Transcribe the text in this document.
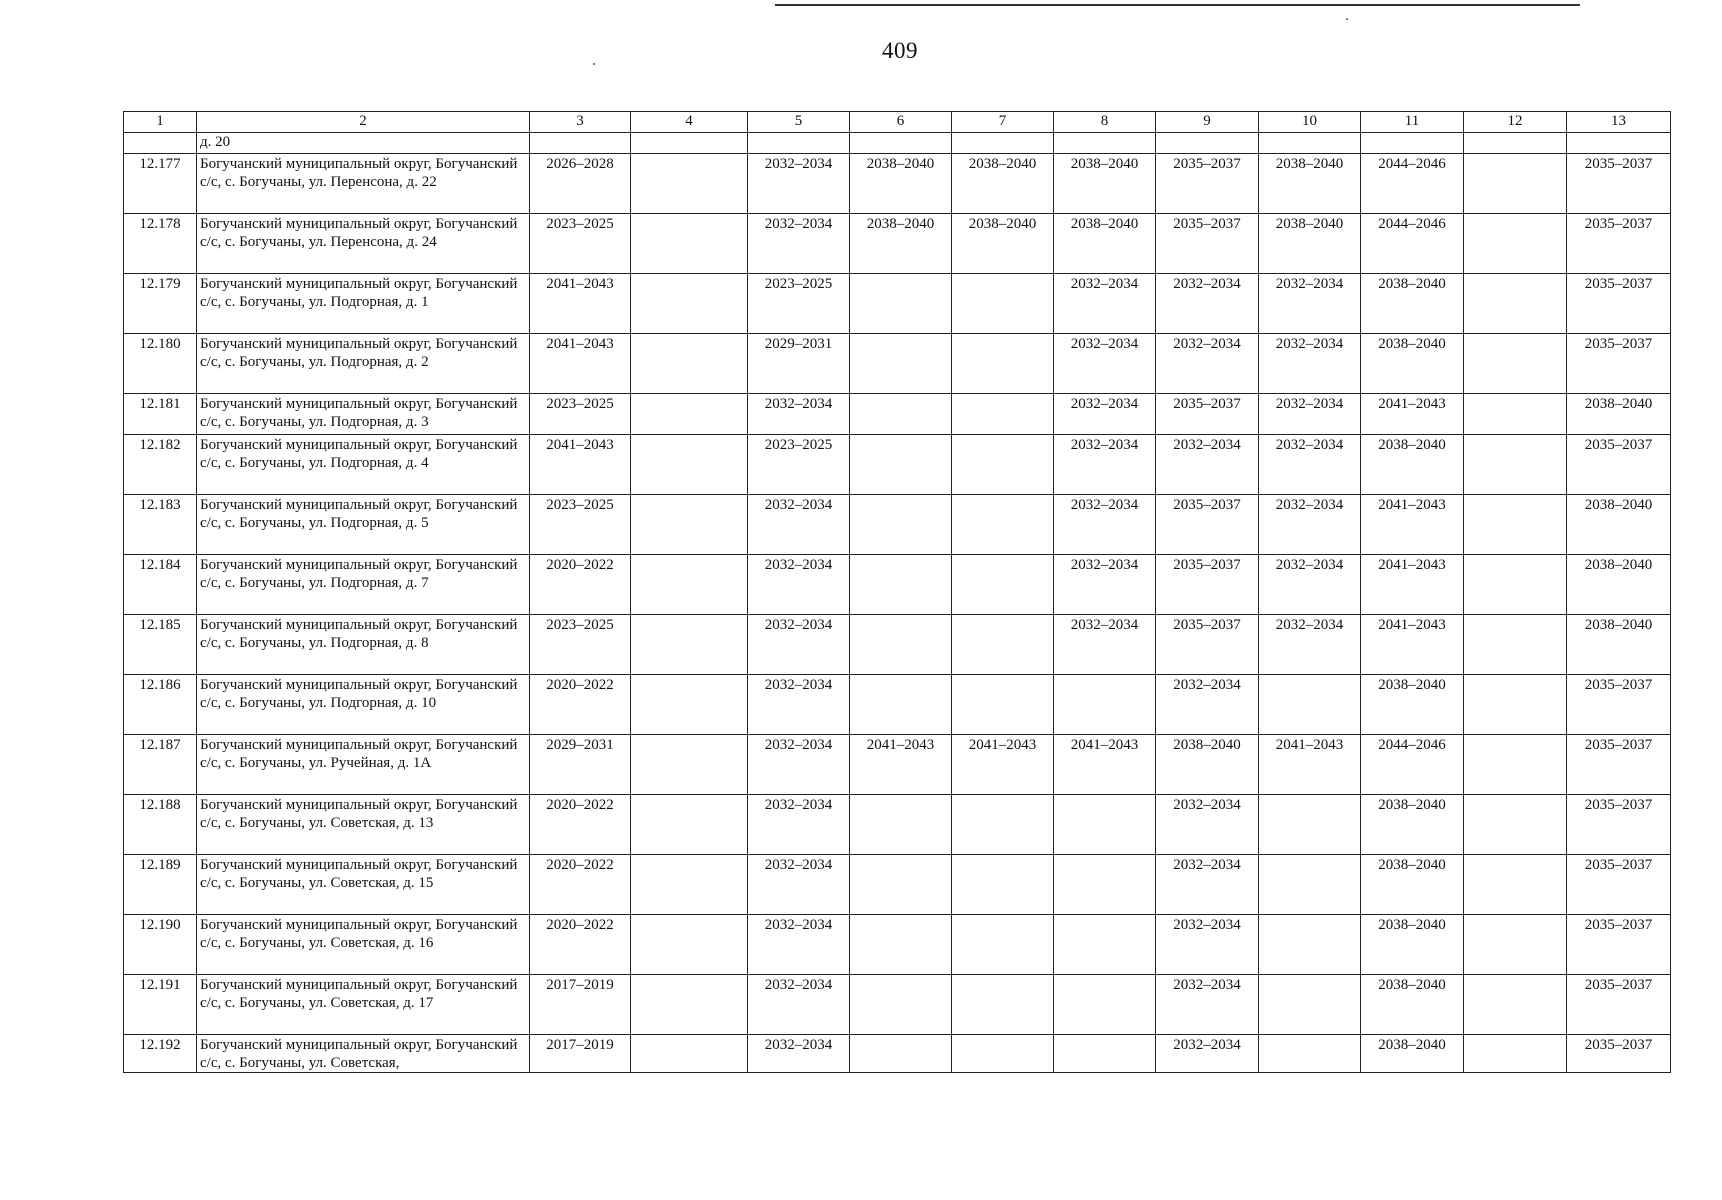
409
1	2	3	4	5	6	7	8	9	10	11	12	13
	д. 20											
12.177	Богучанский муниципальный округ, Богучанский с/с, с. Богучаны, ул. Перенсона, д. 22	2026–2028		2032–2034	2038–2040	2038–2040	2038–2040	2035–2037	2038–2040	2044–2046		2035–2037
12.178	Богучанский муниципальный округ, Богучанский с/с, с. Богучаны, ул. Перенсона, д. 24	2023–2025		2032–2034	2038–2040	2038–2040	2038–2040	2035–2037	2038–2040	2044–2046		2035–2037
12.179	Богучанский муниципальный округ, Богучанский с/с, с. Богучаны, ул. Подгорная, д. 1	2041–2043		2023–2025			2032–2034	2032–2034	2032–2034	2038–2040		2035–2037
12.180	Богучанский муниципальный округ, Богучанский с/с, с. Богучаны, ул. Подгорная, д. 2	2041–2043		2029–2031			2032–2034	2032–2034	2032–2034	2038–2040		2035–2037
12.181	Богучанский муниципальный округ, Богучанский с/с, с. Богучаны, ул. Подгорная, д. 3	2023–2025		2032–2034			2032–2034	2035–2037	2032–2034	2041–2043		2038–2040
12.182	Богучанский муниципальный округ, Богучанский с/с, с. Богучаны, ул. Подгорная, д. 4	2041–2043		2023–2025			2032–2034	2032–2034	2032–2034	2038–2040		2035–2037
12.183	Богучанский муниципальный округ, Богучанский с/с, с. Богучаны, ул. Подгорная, д. 5	2023–2025		2032–2034			2032–2034	2035–2037	2032–2034	2041–2043		2038–2040
12.184	Богучанский муниципальный округ, Богучанский с/с, с. Богучаны, ул. Подгорная, д. 7	2020–2022		2032–2034			2032–2034	2035–2037	2032–2034	2041–2043		2038–2040
12.185	Богучанский муниципальный округ, Богучанский с/с, с. Богучаны, ул. Подгорная, д. 8	2023–2025		2032–2034			2032–2034	2035–2037	2032–2034	2041–2043		2038–2040
12.186	Богучанский муниципальный округ, Богучанский с/с, с. Богучаны, ул. Подгорная, д. 10	2020–2022		2032–2034				2032–2034		2038–2040		2035–2037
12.187	Богучанский муниципальный округ, Богучанский с/с, с. Богучаны, ул. Ручейная, д. 1А	2029–2031		2032–2034	2041–2043	2041–2043	2041–2043	2038–2040	2041–2043	2044–2046		2035–2037
12.188	Богучанский муниципальный округ, Богучанский с/с, с. Богучаны, ул. Советская, д. 13	2020–2022		2032–2034				2032–2034		2038–2040		2035–2037
12.189	Богучанский муниципальный округ, Богучанский с/с, с. Богучаны, ул. Советская, д. 15	2020–2022		2032–2034				2032–2034		2038–2040		2035–2037
12.190	Богучанский муниципальный округ, Богучанский с/с, с. Богучаны, ул. Советская, д. 16	2020–2022		2032–2034				2032–2034		2038–2040		2035–2037
12.191	Богучанский муниципальный округ, Богучанский с/с, с. Богучаны, ул. Советская, д. 17	2017–2019		2032–2034				2032–2034		2038–2040		2035–2037
12.192	Богучанский муниципальный округ, Богучанский с/с, с. Богучаны, ул. Советская,	2017–2019		2032–2034				2032–2034		2038–2040		2035–2037
